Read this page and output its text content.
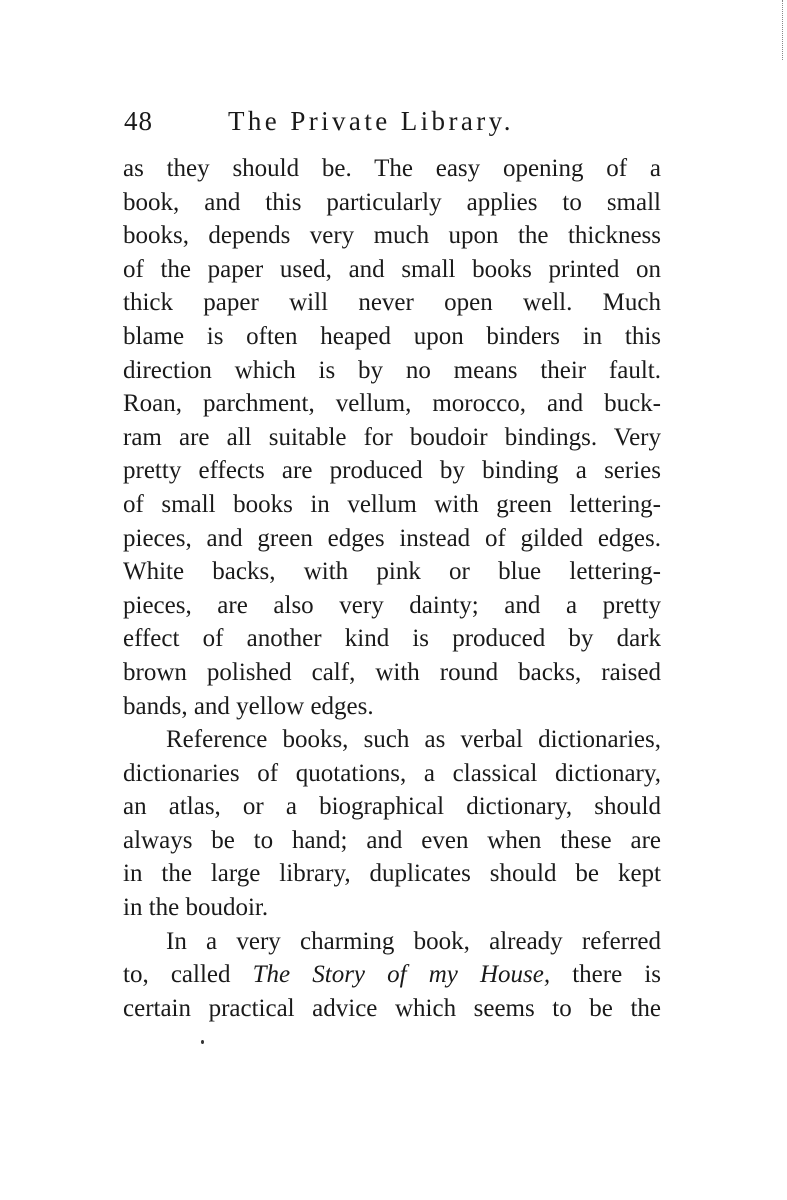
48	The Private Library.

as they should be. The easy opening of a
book, and this particularly applies to small
books, depends very much upon the thickness
of the paper used, and small books printed on
thick paper will never open well. Much
blame is often heaped upon binders in this
direction which is by no means their fault.
Roan, parchment, vellum, morocco, and buck-
ram are all suitable for boudoir bindings. Very
pretty effects are produced by binding a series
of small books in vellum with green lettering-
pieces, and green edges instead of gilded edges.
White backs, with pink or blue lettering-
pieces, are also very dainty; and a pretty
effect of another kind is produced by dark
brown polished calf, with round backs, raised
bands, and yellow edges.

Reference books, such as verbal dictionaries,
dictionaries of quotations, a classical dictionary,
an atlas, or a biographical dictionary, should
always be to hand; and even when these are
in the large library, duplicates should be kept
in the boudoir.

In a very charming book, already referred
to, called The Story of my House, there is
certain practical advice which seems to be the
